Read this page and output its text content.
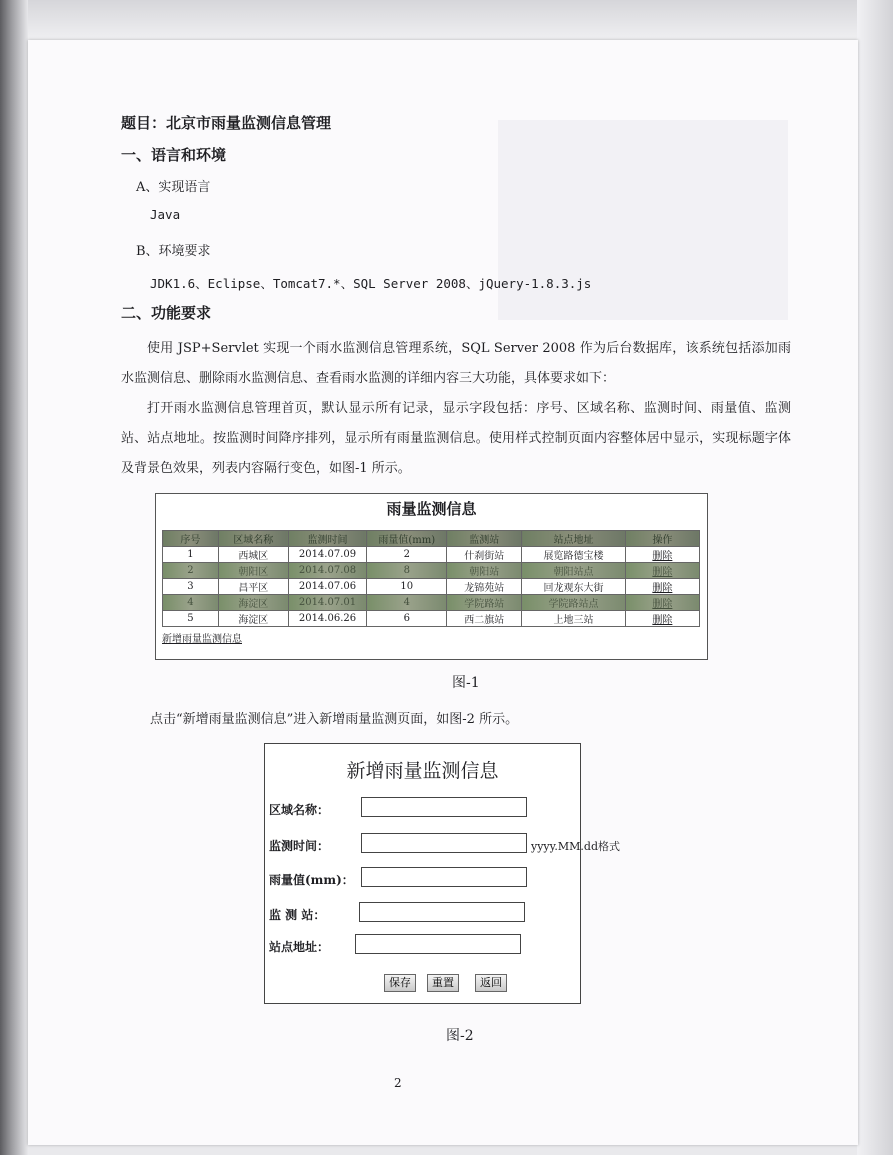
题目：北京市雨量监测信息管理
一、语言和环境
A、实现语言
Java
B、环境要求
JDK1.6、Eclipse、Tomcat7.*、SQL Server 2008、jQuery-1.8.3.js
二、功能要求

使用 JSP+Servlet 实现一个雨水监测信息管理系统，SQL Server 2008 作为后台数据库，该系统包括添加雨水监测信息、删除雨水监测信息、查看雨水监测的详细内容三大功能，具体要求如下：

打开雨水监测信息管理首页，默认显示所有记录，显示字段包括：序号、区域名称、监测时间、雨量值、监测站、站点地址。按监测时间降序排列，显示所有雨量监测信息。使用样式控制页面内容整体居中显示，实现标题字体及背景色效果，列表内容隔行变色，如图-1 所示。

雨量监测信息
序号	区域名称	监测时间	雨量值(mm)	监测站	站点地址	操作
1	西城区	2014.07.09	2	什刹街站	展览路德宝楼	删除
2	朝阳区	2014.07.08	8	朝阳站	朝阳站点	删除
3	昌平区	2014.07.06	10	龙锦苑站	回龙观东大街	删除
4	海淀区	2014.07.01	4	学院路站	学院路站点	删除
5	海淀区	2014.06.26	6	西二旗站	上地三站	删除
新增雨量监测信息
图-1
点击“新增雨量监测信息”进入新增雨量监测页面，如图-2 所示。
新增雨量监测信息
区域名称：
监测时间：	yyyy.MM.dd格式
雨量值(mm)：
监 测 站：
站点地址：
保存	重置	返回
图-2
2
